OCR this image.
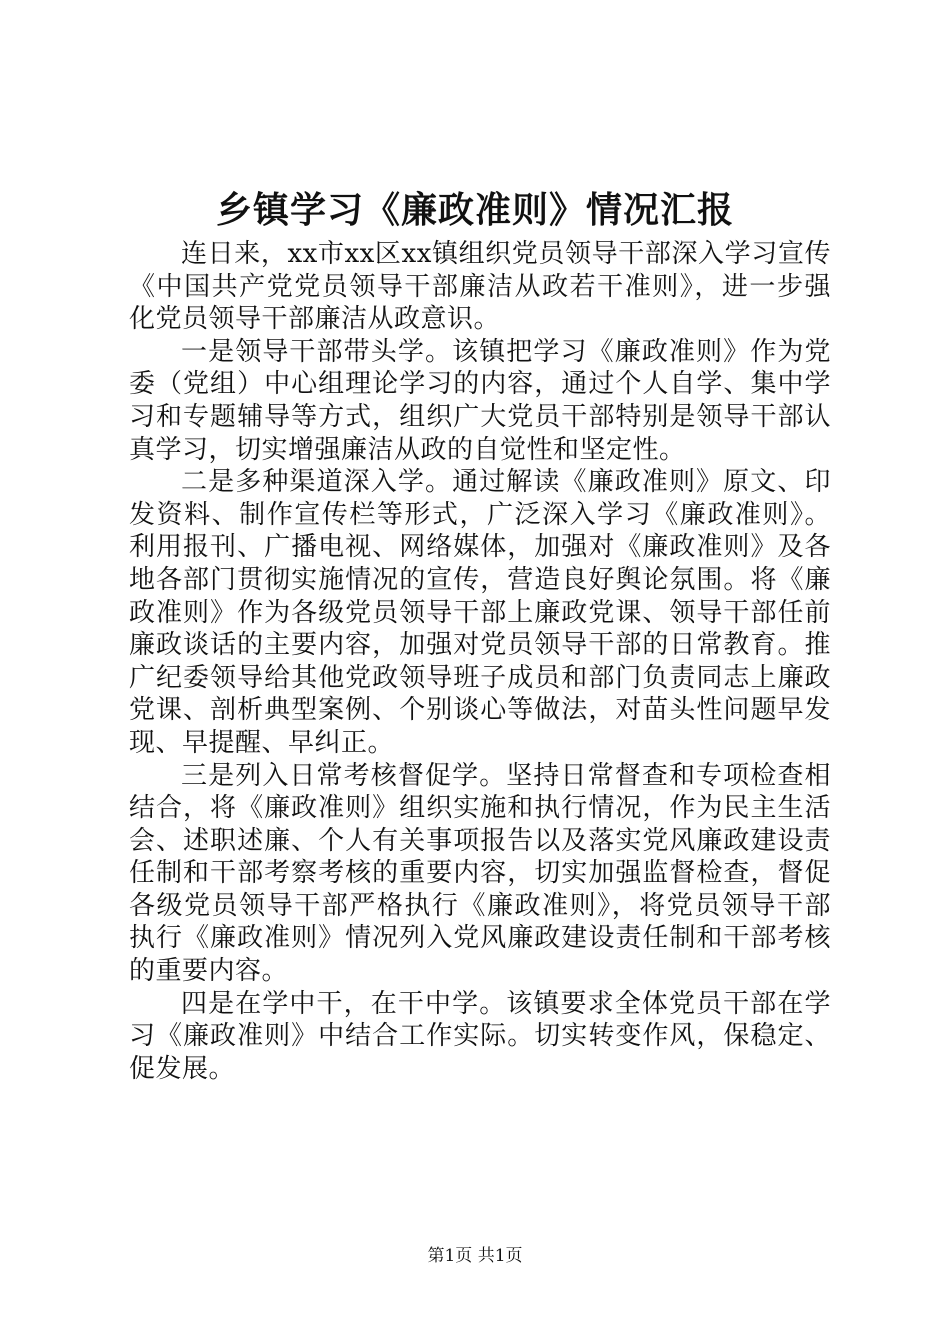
乡镇学习《廉政准则》情况汇报

连日来，xx市xx区xx镇组织党员领导干部深入学习宣传《中国共产党党员领导干部廉洁从政若干准则》，进一步强化党员领导干部廉洁从政意识。

一是领导干部带头学。该镇把学习《廉政准则》作为党委（党组）中心组理论学习的内容，通过个人自学、集中学习和专题辅导等方式，组织广大党员干部特别是领导干部认真学习，切实增强廉洁从政的自觉性和坚定性。

二是多种渠道深入学。通过解读《廉政准则》原文、印发资料、制作宣传栏等形式，广泛深入学习《廉政准则》。利用报刊、广播电视、网络媒体，加强对《廉政准则》及各地各部门贯彻实施情况的宣传，营造良好舆论氛围。将《廉政准则》作为各级党员领导干部上廉政党课、领导干部任前廉政谈话的主要内容，加强对党员领导干部的日常教育。推广纪委领导给其他党政领导班子成员和部门负责同志上廉政党课、剖析典型案例、个别谈心等做法，对苗头性问题早发现、早提醒、早纠正。

三是列入日常考核督促学。坚持日常督查和专项检查相结合，将《廉政准则》组织实施和执行情况，作为民主生活会、述职述廉、个人有关事项报告以及落实党风廉政建设责任制和干部考察考核的重要内容，切实加强监督检查，督促各级党员领导干部严格执行《廉政准则》，将党员领导干部执行《廉政准则》情况列入党风廉政建设责任制和干部考核的重要内容。

四是在学中干，在干中学。该镇要求全体党员干部在学习《廉政准则》中结合工作实际。切实转变作风，保稳定、促发展。

第1页 共1页
